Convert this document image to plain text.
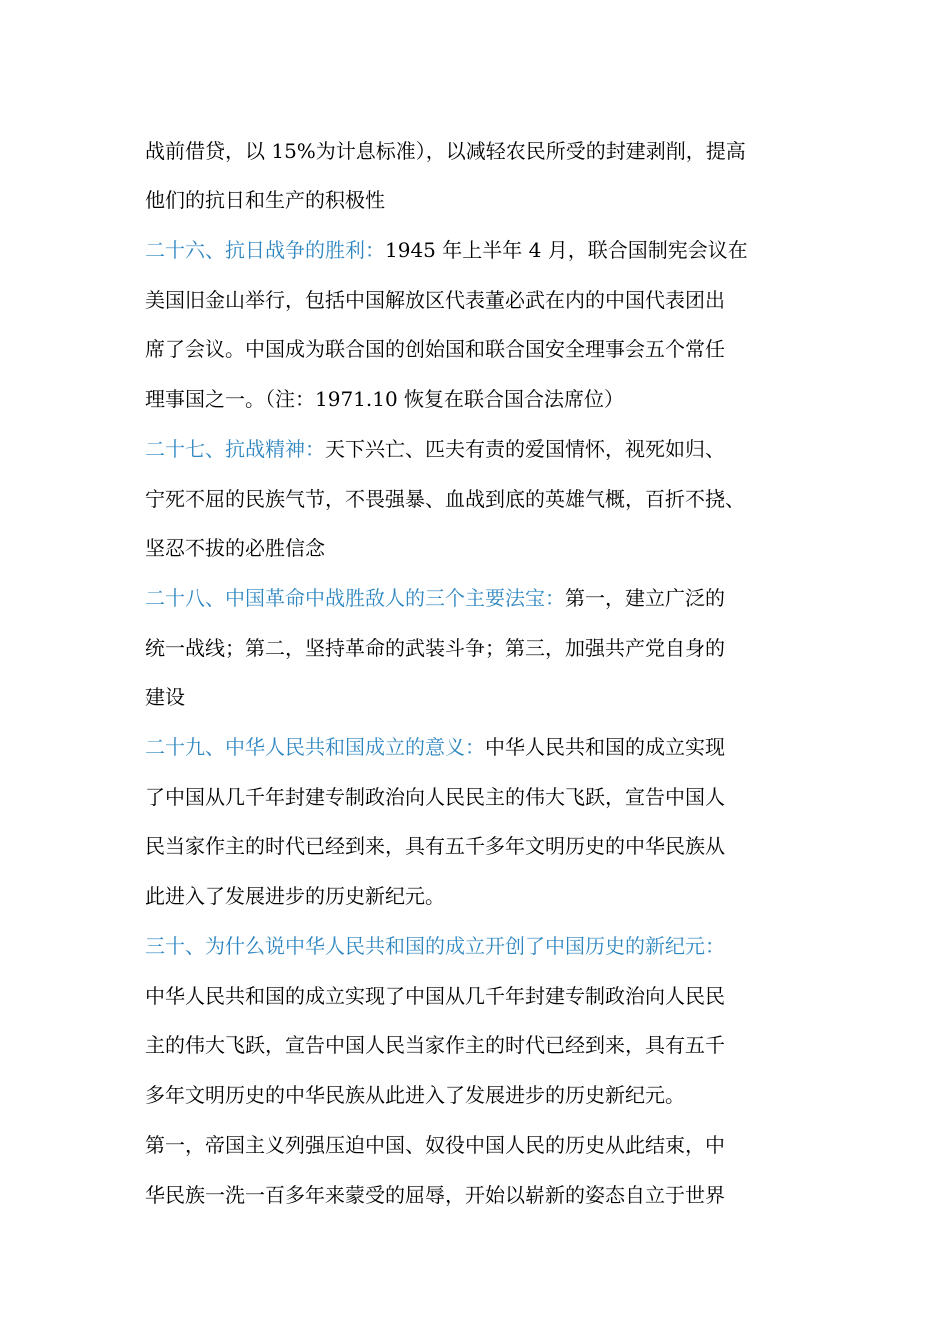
战前借贷，以 15%为计息标准），以减轻农民所受的封建剥削，提高
他们的抗日和生产的积极性
二十六、抗日战争的胜利：1945 年上半年 4 月，联合国制宪会议在
美国旧金山举行，包括中国解放区代表董必武在内的中国代表团出
席了会议。中国成为联合国的创始国和联合国安全理事会五个常任
理事国之一。（注：1971.10 恢复在联合国合法席位）
二十七、抗战精神：天下兴亡、匹夫有责的爱国情怀，视死如归、
宁死不屈的民族气节，不畏强暴、血战到底的英雄气概，百折不挠、
坚忍不拔的必胜信念
二十八、中国革命中战胜敌人的三个主要法宝：第一，建立广泛的
统一战线；第二，坚持革命的武装斗争；第三，加强共产党自身的
建设
二十九、中华人民共和国成立的意义：中华人民共和国的成立实现
了中国从几千年封建专制政治向人民民主的伟大飞跃，宣告中国人
民当家作主的时代已经到来，具有五千多年文明历史的中华民族从
此进入了发展进步的历史新纪元。
三十、为什么说中华人民共和国的成立开创了中国历史的新纪元：
中华人民共和国的成立实现了中国从几千年封建专制政治向人民民
主的伟大飞跃，宣告中国人民当家作主的时代已经到来，具有五千
多年文明历史的中华民族从此进入了发展进步的历史新纪元。
第一，帝国主义列强压迫中国、奴役中国人民的历史从此结束，中
华民族一洗一百多年来蒙受的屈辱，开始以崭新的姿态自立于世界
